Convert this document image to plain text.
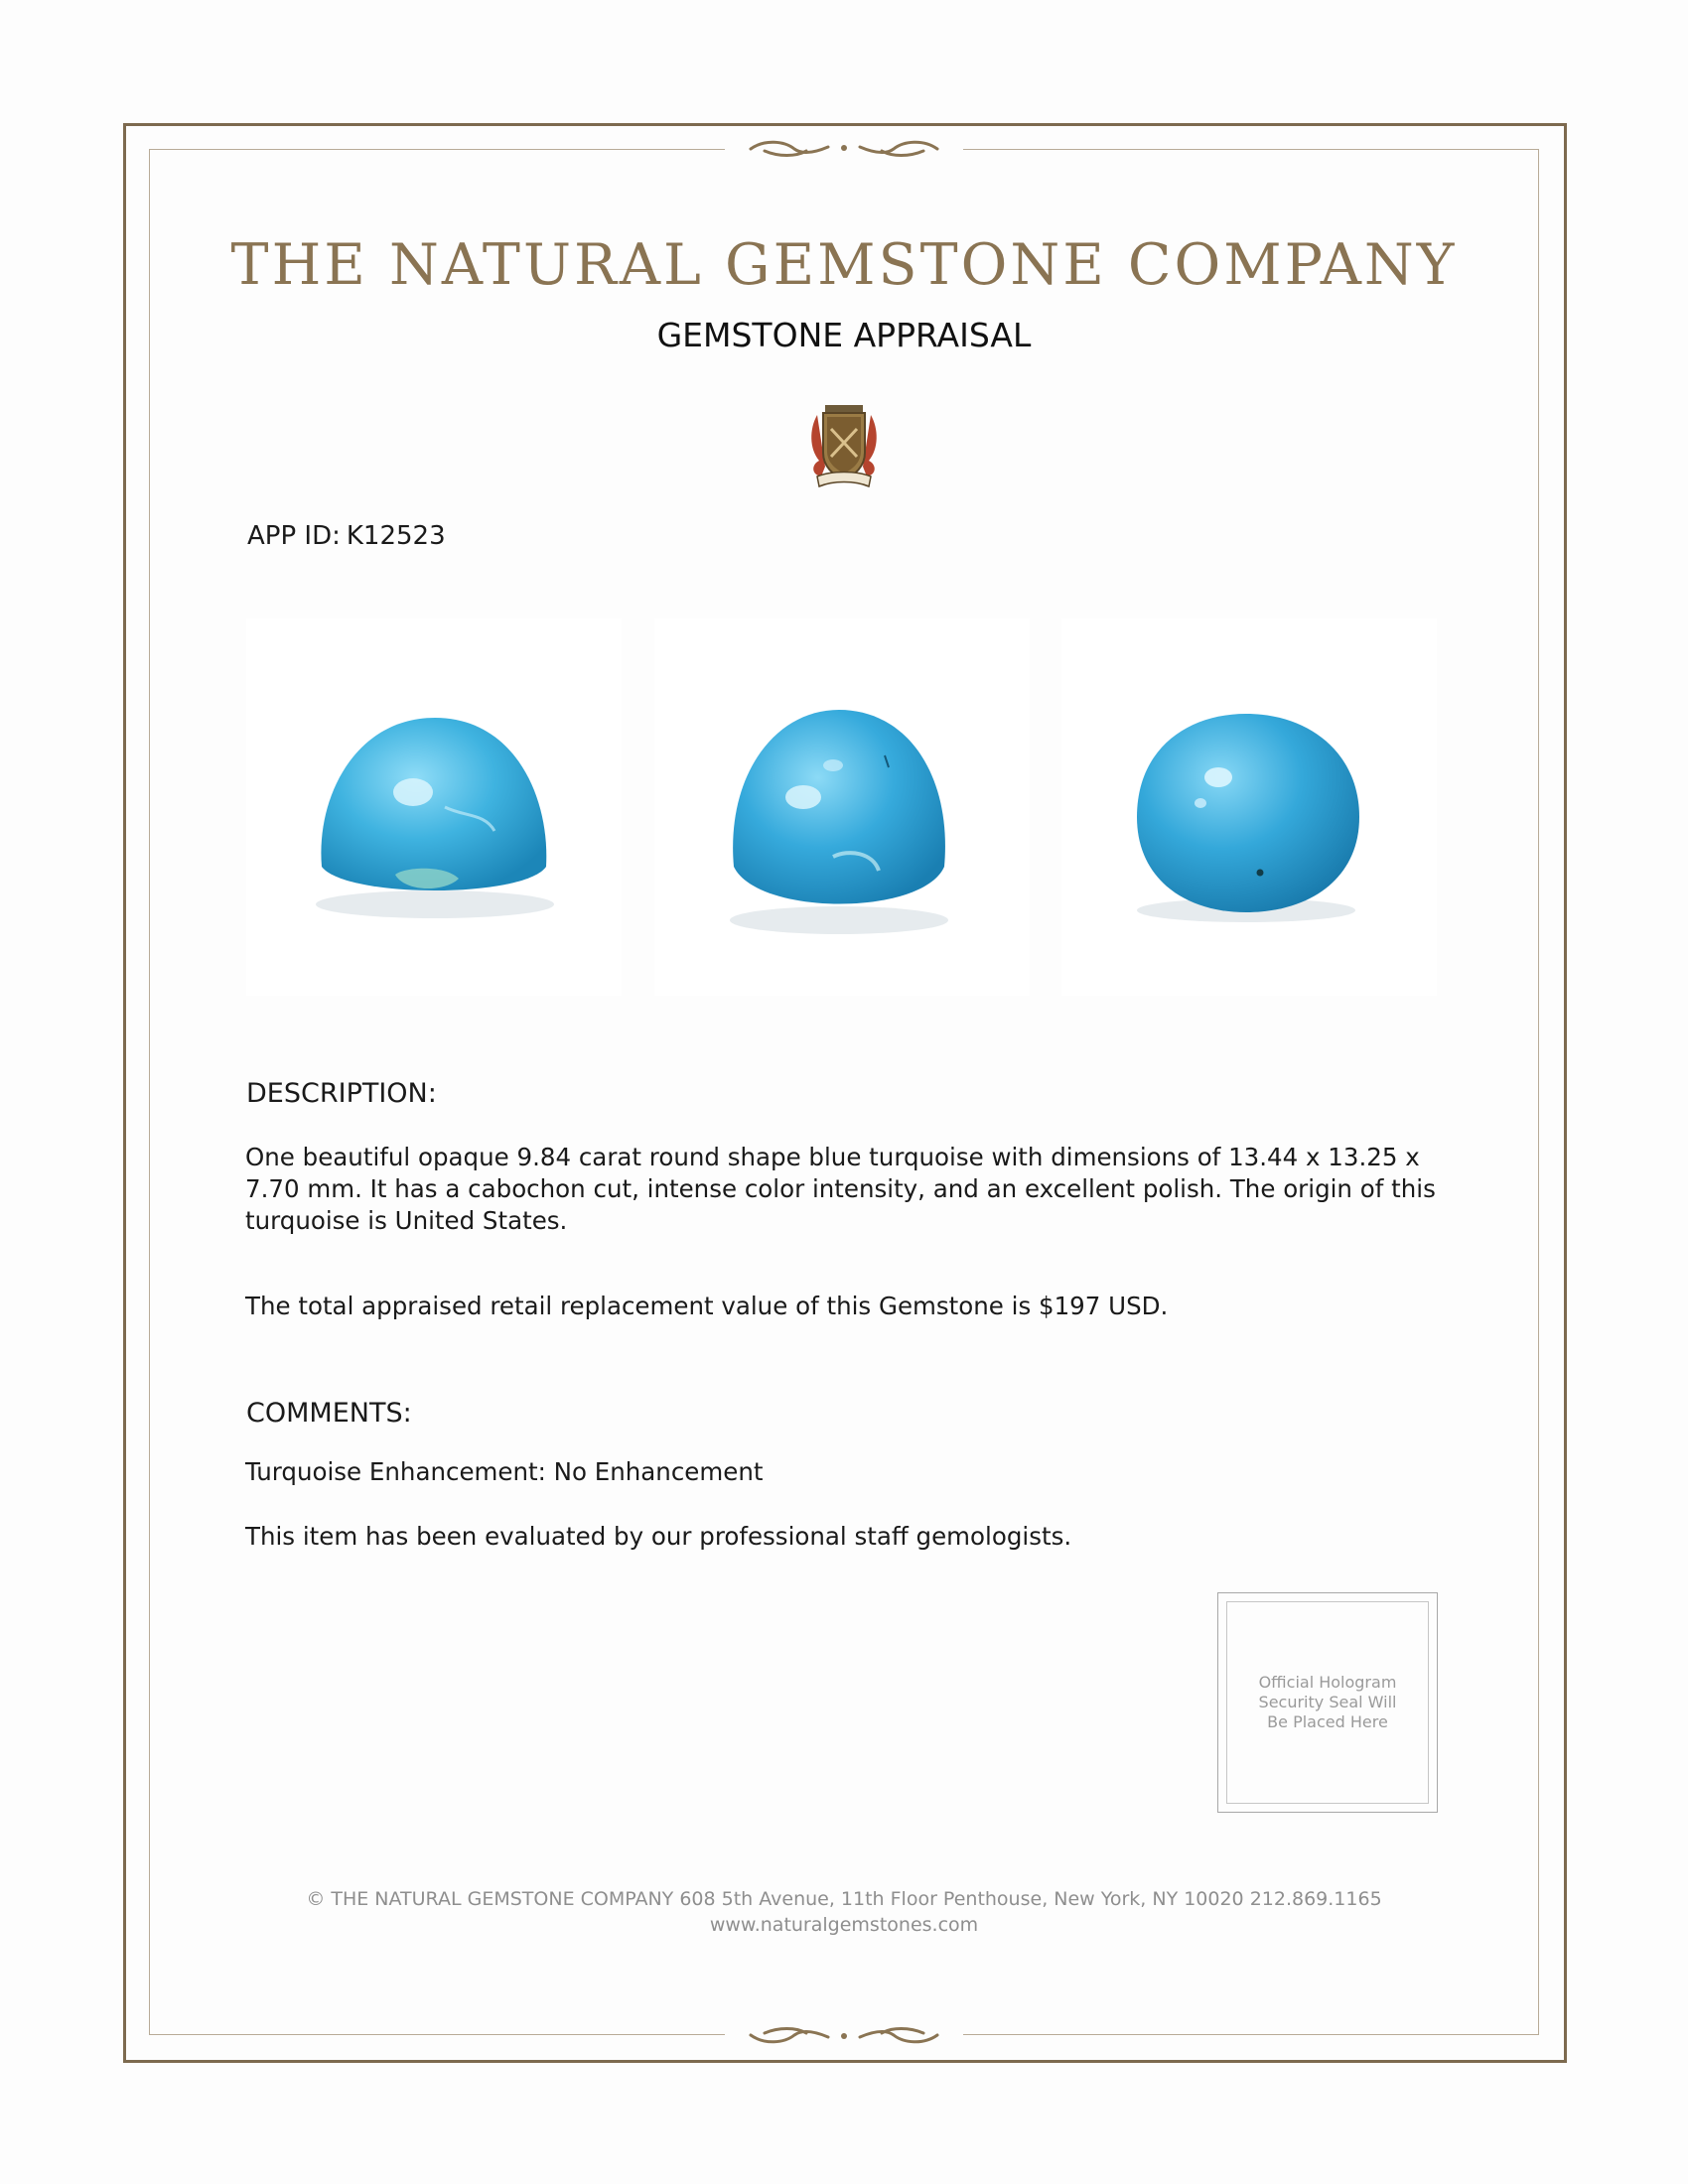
THE NATURAL GEMSTONE COMPANY
GEMSTONE APPRAISAL
APP ID: K12523
DESCRIPTION:
One beautiful opaque 9.84 carat round shape blue turquoise with dimensions of 13.44 x 13.25 x 7.70 mm. It has a cabochon cut, intense color intensity, and an excellent polish. The origin of this turquoise is United States.
The total appraised retail replacement value of this Gemstone is $197 USD.
COMMENTS:
Turquoise Enhancement: No Enhancement
This item has been evaluated by our professional staff gemologists.
Official Hologram Security Seal Will Be Placed Here
© THE NATURAL GEMSTONE COMPANY 608 5th Avenue, 11th Floor Penthouse, New York, NY 10020 212.869.1165
www.naturalgemstones.com
